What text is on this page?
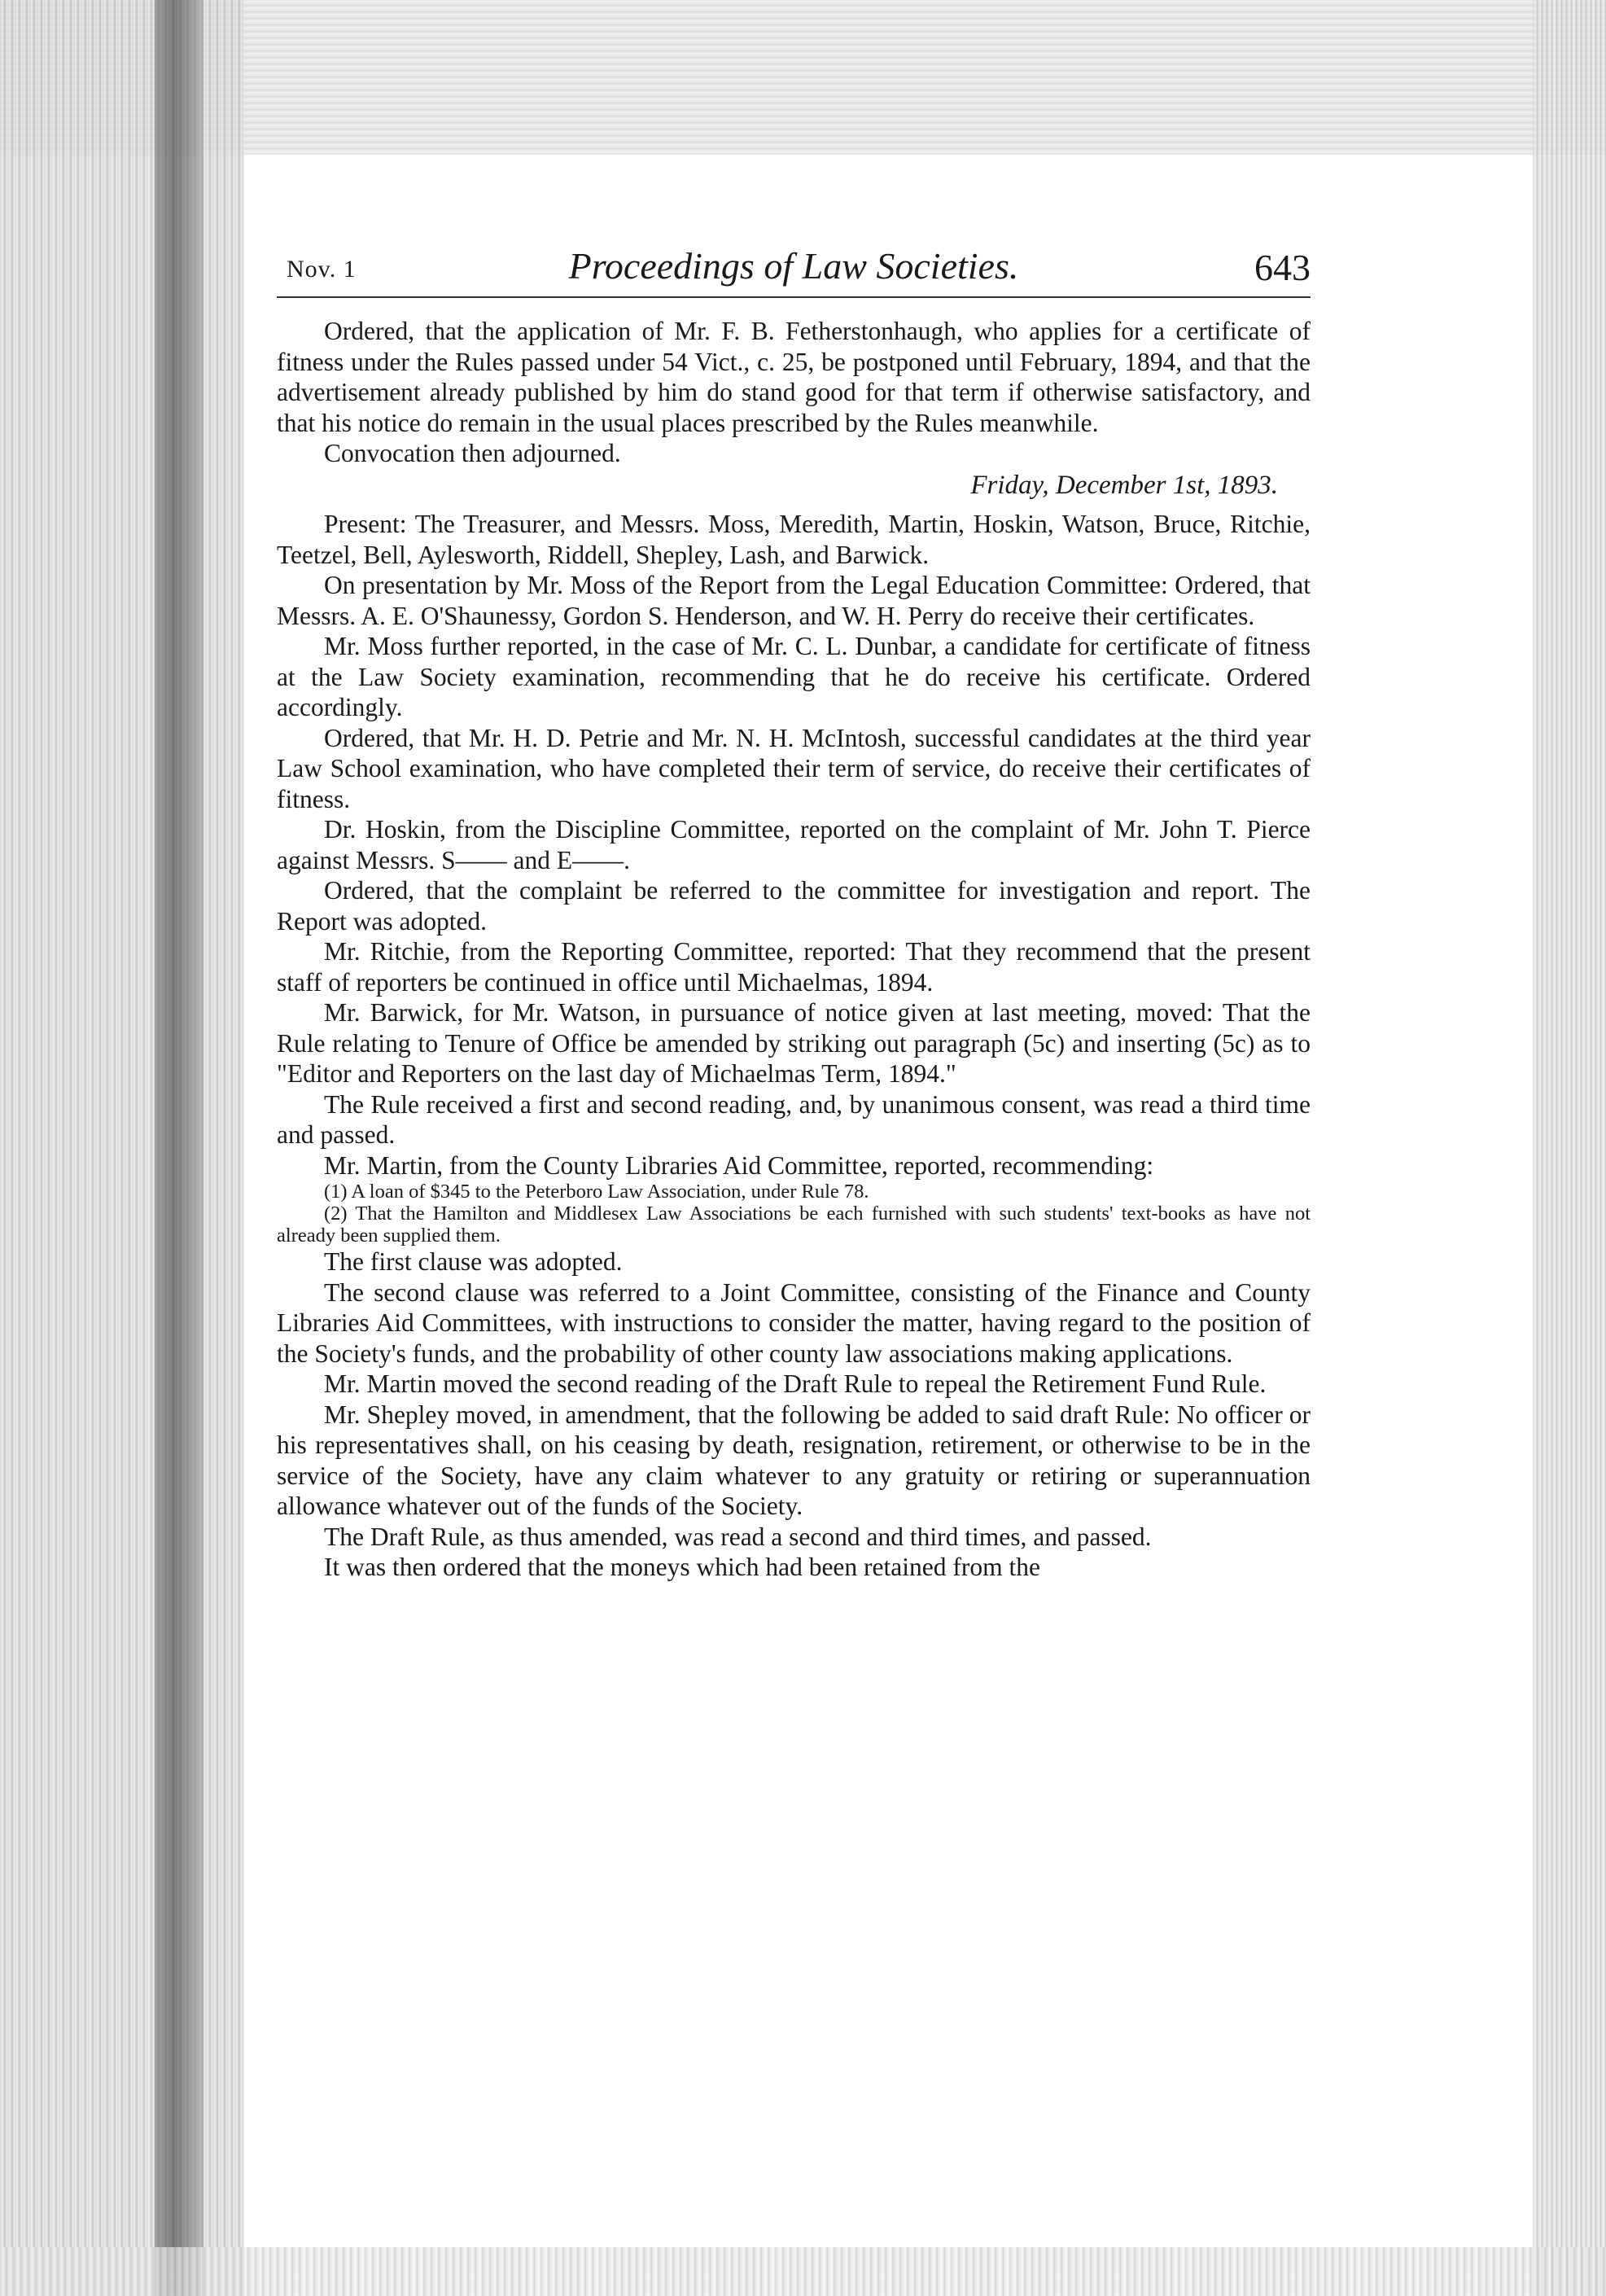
Nov. 1	Proceedings of Law Societies.	643

Ordered, that the application of Mr. F. B. Fetherstonhaugh, who applies for a certificate of fitness under the Rules passed under 54 Vict., c. 25, be postponed until February, 1894, and that the advertisement already published by him do stand good for that term if otherwise satisfactory, and that his notice do remain in the usual places prescribed by the Rules meanwhile.

Convocation then adjourned.

Friday, December 1st, 1893.

Present: The Treasurer, and Messrs. Moss, Meredith, Martin, Hoskin, Watson, Bruce, Ritchie, Teetzel, Bell, Aylesworth, Riddell, Shepley, Lash, and Barwick.

On presentation by Mr. Moss of the Report from the Legal Education Committee: Ordered, that Messrs. A. E. O'Shaunessy, Gordon S. Henderson, and W. H. Perry do receive their certificates.

Mr. Moss further reported, in the case of Mr. C. L. Dunbar, a candidate for certificate of fitness at the Law Society examination, recommending that he do receive his certificate. Ordered accordingly.

Ordered, that Mr. H. D. Petrie and Mr. N. H. McIntosh, successful candidates at the third year Law School examination, who have completed their term of service, do receive their certificates of fitness.

Dr. Hoskin, from the Discipline Committee, reported on the complaint of Mr. John T. Pierce against Messrs. S—— and E——.

Ordered, that the complaint be referred to the committee for investigation and report. The Report was adopted.

Mr. Ritchie, from the Reporting Committee, reported: That they recommend that the present staff of reporters be continued in office until Michaelmas, 1894.

Mr. Barwick, for Mr. Watson, in pursuance of notice given at last meeting, moved: That the Rule relating to Tenure of Office be amended by striking out paragraph (5c) and inserting (5c) as to "Editor and Reporters on the last day of Michaelmas Term, 1894."

The Rule received a first and second reading, and, by unanimous consent, was read a third time and passed.

Mr. Martin, from the County Libraries Aid Committee, reported, recommending:

(1) A loan of $345 to the Peterboro Law Association, under Rule 78.

(2) That the Hamilton and Middlesex Law Associations be each furnished with such students' text-books as have not already been supplied them.

The first clause was adopted.

The second clause was referred to a Joint Committee, consisting of the Finance and County Libraries Aid Committees, with instructions to consider the matter, having regard to the position of the Society's funds, and the probability of other county law associations making applications.

Mr. Martin moved the second reading of the Draft Rule to repeal the Retirement Fund Rule.

Mr. Shepley moved, in amendment, that the following be added to said draft Rule: No officer or his representatives shall, on his ceasing by death, resignation, retirement, or otherwise to be in the service of the Society, have any claim whatever to any gratuity or retiring or superannuation allowance whatever out of the funds of the Society.

The Draft Rule, as thus amended, was read a second and third times, and passed.

It was then ordered that the moneys which had been retained from the
